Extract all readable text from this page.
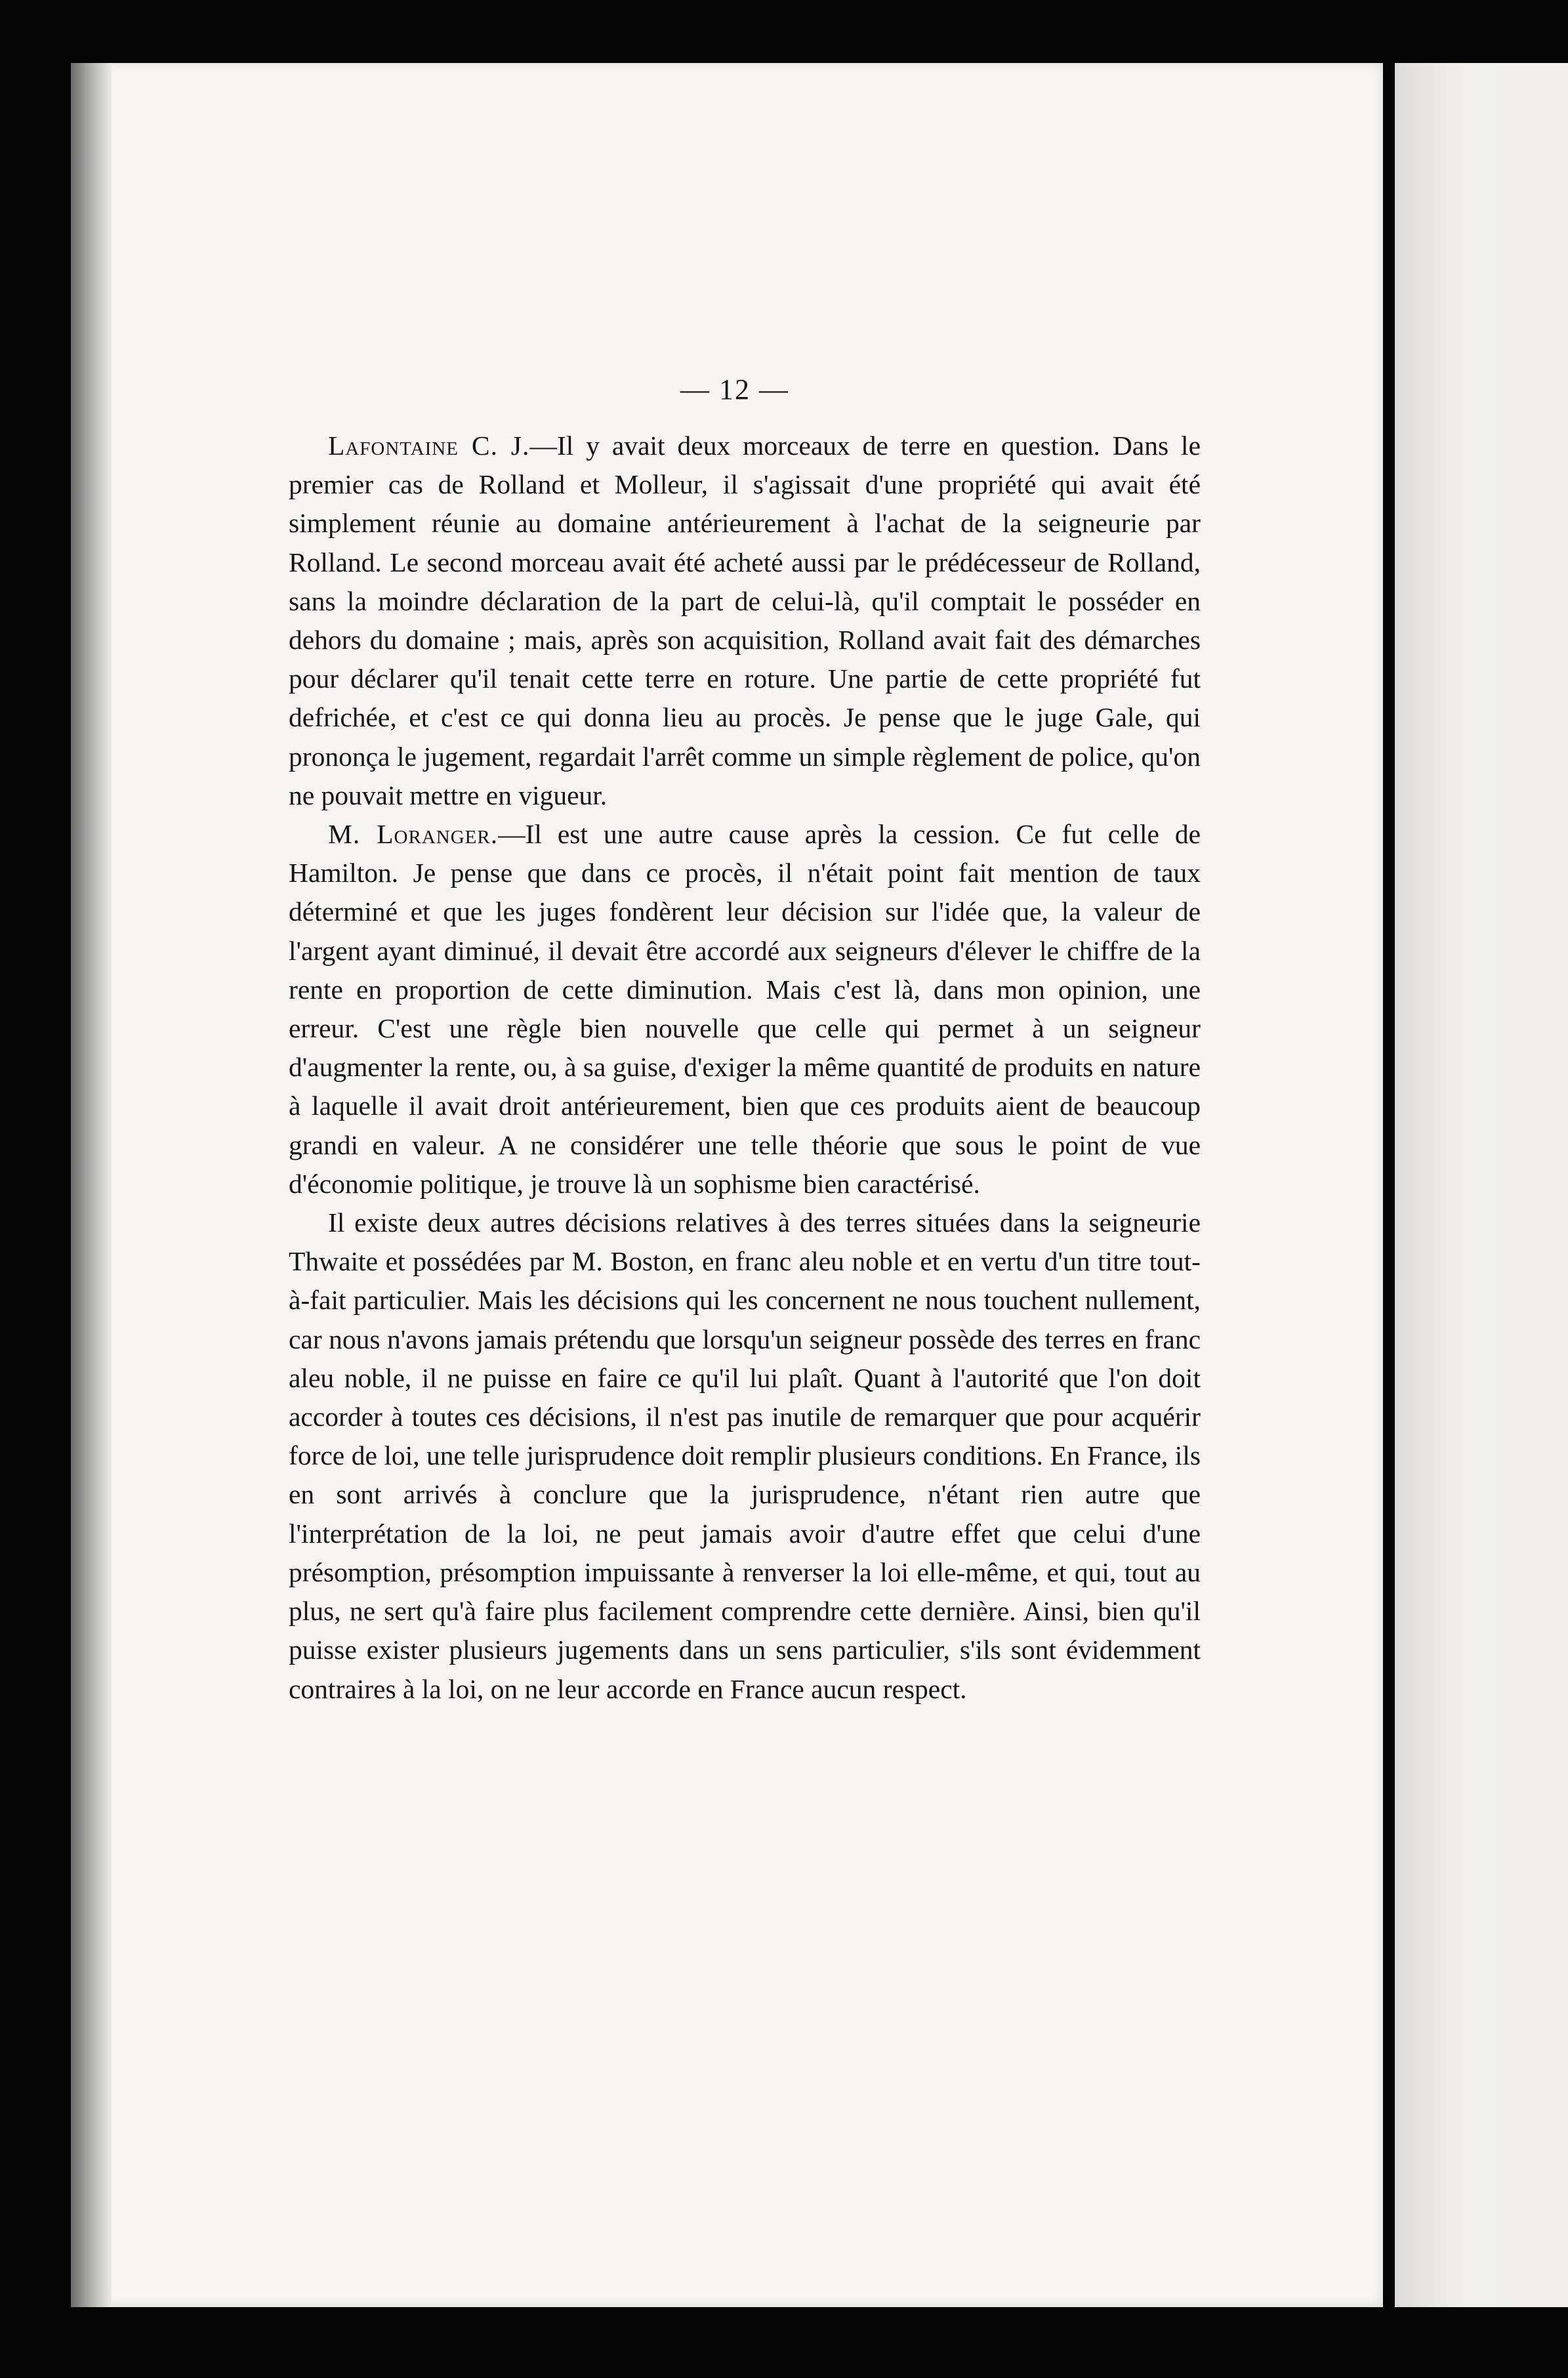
— 12 —

Lafontaine C. J.—Il y avait deux morceaux de terre en question. Dans le premier cas de Rolland et Molleur, il s'agissait d'une propriété qui avait été simplement réunie au domaine antérieurement à l'achat de la seigneurie par Rolland. Le second morceau avait été acheté aussi par le prédécesseur de Rolland, sans la moindre déclaration de la part de celui-là, qu'il comptait le posséder en dehors du domaine ; mais, après son acquisition, Rolland avait fait des démarches pour déclarer qu'il tenait cette terre en roture. Une partie de cette propriété fut defrichée, et c'est ce qui donna lieu au procès. Je pense que le juge Gale, qui prononça le jugement, regardait l'arrêt comme un simple règlement de police, qu'on ne pouvait mettre en vigueur.

M. Loranger.—Il est une autre cause après la cession. Ce fut celle de Hamilton. Je pense que dans ce procès, il n'était point fait mention de taux déterminé et que les juges fondèrent leur décision sur l'idée que, la valeur de l'argent ayant diminué, il devait être accordé aux seigneurs d'élever le chiffre de la rente en proportion de cette diminution. Mais c'est là, dans mon opinion, une erreur. C'est une règle bien nouvelle que celle qui permet à un seigneur d'augmenter la rente, ou, à sa guise, d'exiger la même quantité de produits en nature à laquelle il avait droit antérieurement, bien que ces produits aient de beaucoup grandi en valeur. A ne considérer une telle théorie que sous le point de vue d'économie politique, je trouve là un sophisme bien caractérisé.

Il existe deux autres décisions relatives à des terres situées dans la seigneurie Thwaite et possédées par M. Boston, en franc aleu noble et en vertu d'un titre tout-à-fait particulier. Mais les décisions qui les concernent ne nous touchent nullement, car nous n'avons jamais prétendu que lorsqu'un seigneur possède des terres en franc aleu noble, il ne puisse en faire ce qu'il lui plaît. Quant à l'autorité que l'on doit accorder à toutes ces décisions, il n'est pas inutile de remarquer que pour acquérir force de loi, une telle jurisprudence doit remplir plusieurs conditions. En France, ils en sont arrivés à conclure que la jurisprudence, n'étant rien autre que l'interprétation de la loi, ne peut jamais avoir d'autre effet que celui d'une présomption, présomption impuissante à renverser la loi elle-même, et qui, tout au plus, ne sert qu'à faire plus facilement comprendre cette dernière. Ainsi, bien qu'il puisse exister plusieurs jugements dans un sens particulier, s'ils sont évidemment contraires à la loi, on ne leur accorde en France aucun respect.
